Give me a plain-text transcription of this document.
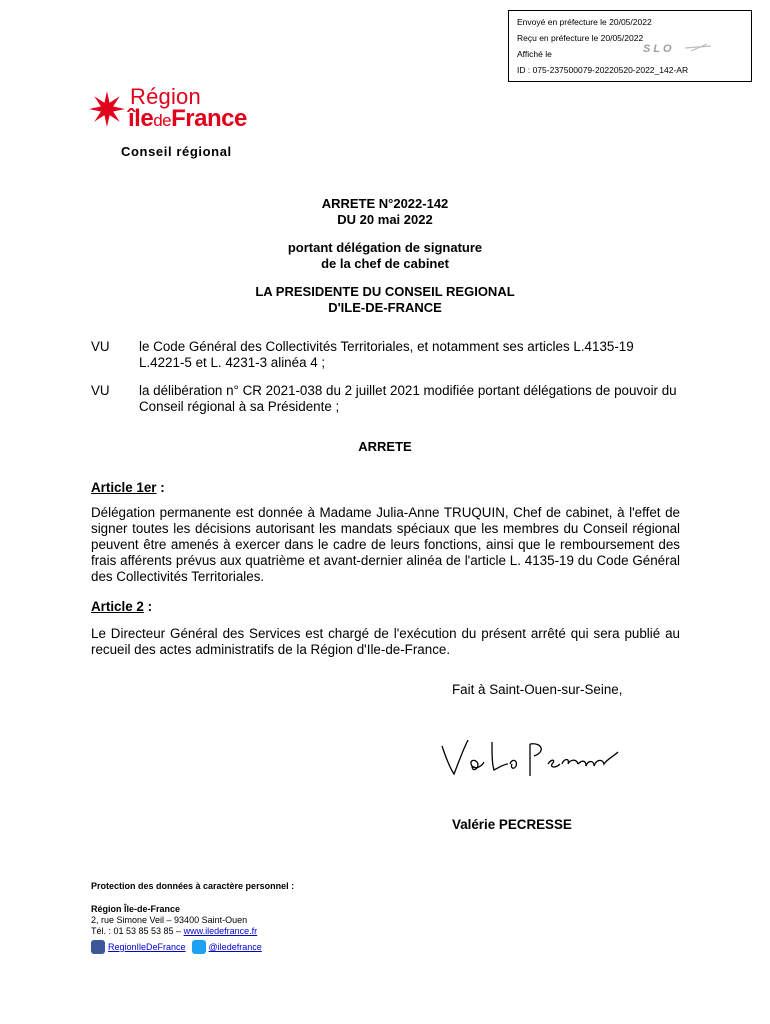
Envoyé en préfecture le 20/05/2022
Reçu en préfecture le 20/05/2022
Affiché le
ID : 075-237500079-20220520-2022_142-AR
SLO
Région
îledeFrance
Conseil régional
ARRETE N°2022-142
DU 20 mai 2022
portant délégation de signature
de la chef de cabinet
LA PRESIDENTE DU CONSEIL REGIONAL
D'ILE-DE-FRANCE
VU le Code Général des Collectivités Territoriales, et notamment ses articles L.4135-19 L.4221-5 et L. 4231-3 alinéa 4 ;
VU la délibération n° CR 2021-038 du 2 juillet 2021 modifiée portant délégations de pouvoir du Conseil régional à sa Présidente ;
ARRETE
Article 1er :
Délégation permanente est donnée à Madame Julia-Anne TRUQUIN, Chef de cabinet, à l'effet de signer toutes les décisions autorisant les mandats spéciaux que les membres du Conseil régional peuvent être amenés à exercer dans le cadre de leurs fonctions, ainsi que le remboursement des frais afférents prévus aux quatrième et avant-dernier alinéa de l'article L. 4135-19 du Code Général des Collectivités Territoriales.
Article 2 :
Le Directeur Général des Services est chargé de l'exécution du présent arrêté qui sera publié au recueil des actes administratifs de la Région d'Ile-de-France.
Fait à Saint-Ouen-sur-Seine,
Valérie PECRESSE
Protection des données à caractère personnel :
Région Île-de-France
2, rue Simone Veil – 93400 Saint-Ouen
Tél. : 01 53 85 53 85 – www.iledefrance.fr
RegionIleDeFrance	@iledefrance
